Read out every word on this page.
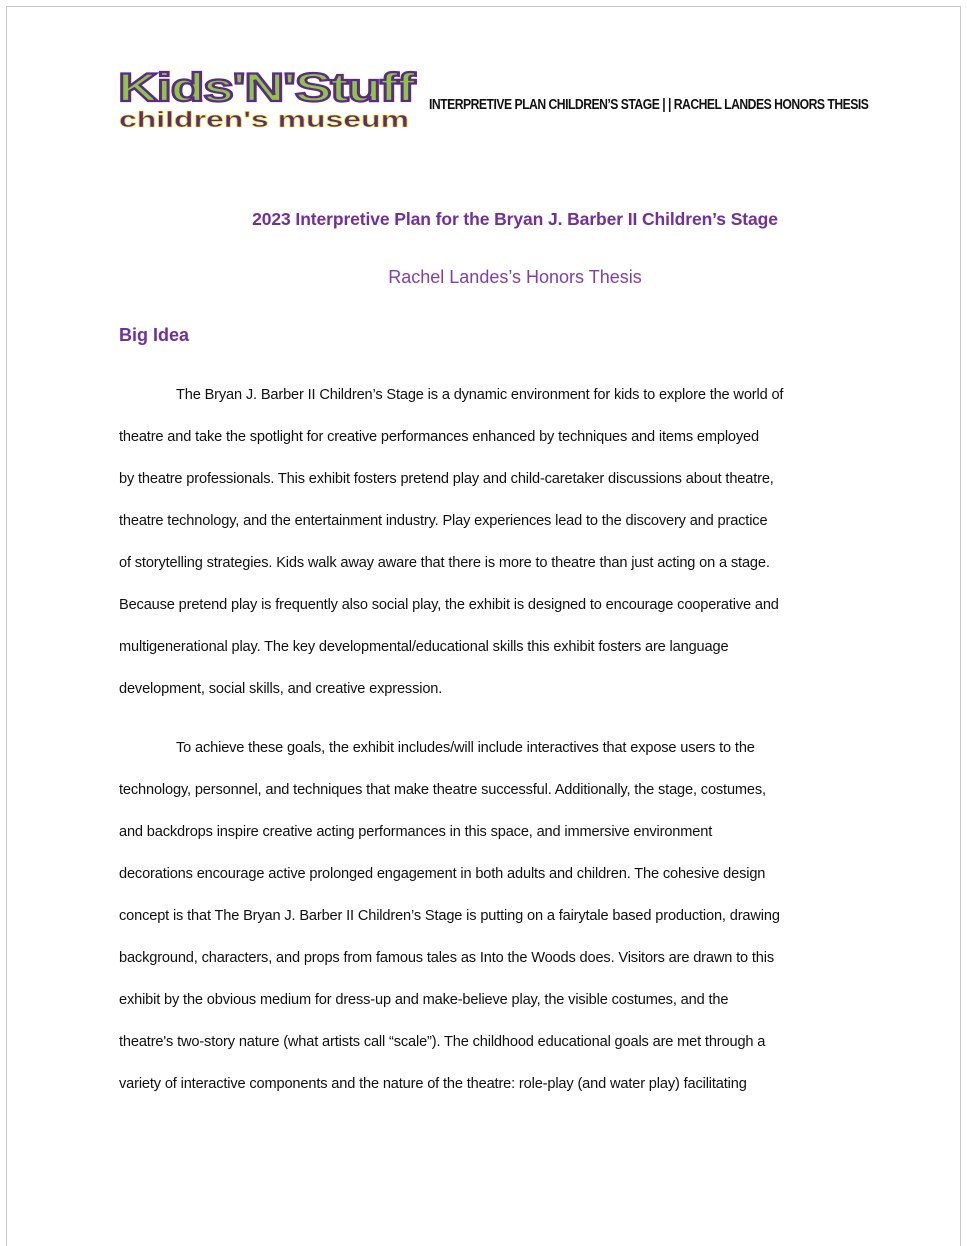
Kids'N'Stuff
children's museum
INTERPRETIVE PLAN CHILDREN’S STAGE | | RACHEL LANDES HONORS THESIS
2023 Interpretive Plan for the Bryan J. Barber II Children’s Stage
Rachel Landes’s Honors Thesis
Big Idea

The Bryan J. Barber II Children’s Stage is a dynamic environment for kids to explore the world of
theatre and take the spotlight for creative performances enhanced by techniques and items employed
by theatre professionals. This exhibit fosters pretend play and child-caretaker discussions about theatre,
theatre technology, and the entertainment industry. Play experiences lead to the discovery and practice
of storytelling strategies. Kids walk away aware that there is more to theatre than just acting on a stage.
Because pretend play is frequently also social play, the exhibit is designed to encourage cooperative and
multigenerational play. The key developmental/educational skills this exhibit fosters are language
development, social skills, and creative expression.

To achieve these goals, the exhibit includes/will include interactives that expose users to the
technology, personnel, and techniques that make theatre successful. Additionally, the stage, costumes,
and backdrops inspire creative acting performances in this space, and immersive environment
decorations encourage active prolonged engagement in both adults and children. The cohesive design
concept is that The Bryan J. Barber II Children’s Stage is putting on a fairytale based production, drawing
background, characters, and props from famous tales as Into the Woods does. Visitors are drawn to this
exhibit by the obvious medium for dress-up and make-believe play, the visible costumes, and the
theatre's two-story nature (what artists call “scale”). The childhood educational goals are met through a
variety of interactive components and the nature of the theatre: role-play (and water play) facilitating
